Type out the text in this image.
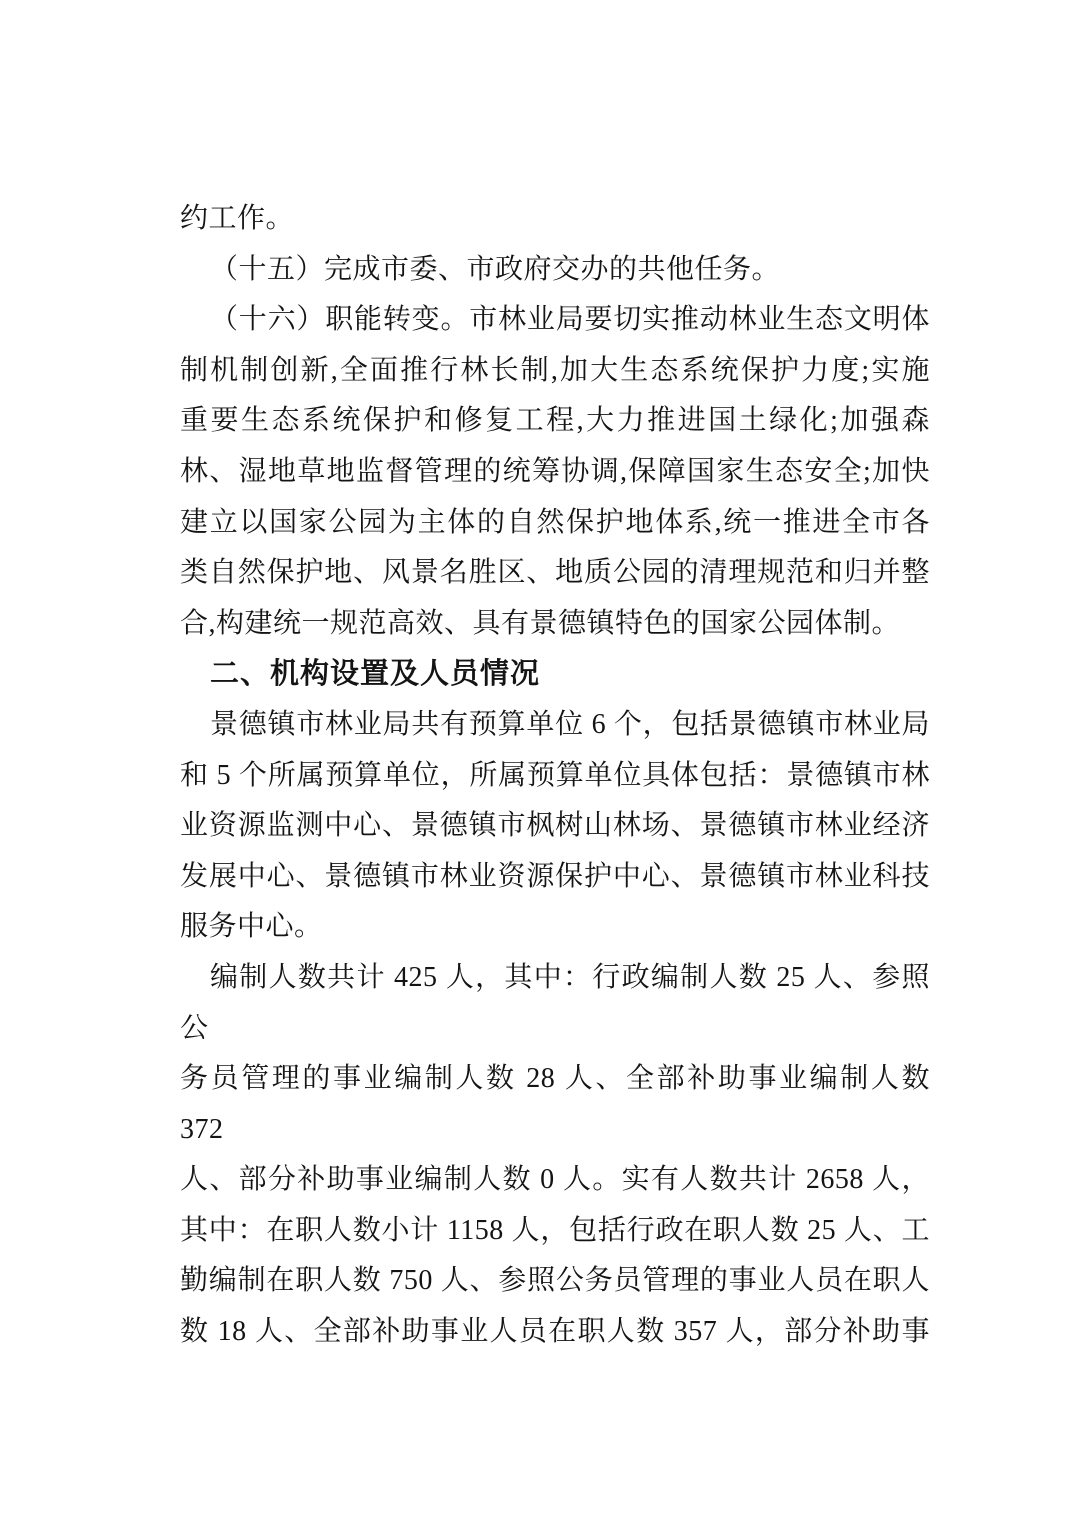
约工作。
（十五）完成市委、市政府交办的共他任务。
（十六）职能转变。市林业局要切实推动林业生态文明体
制机制创新,全面推行林长制,加大生态系统保护力度;实施
重要生态系统保护和修复工程,大力推进国土绿化;加强森
林、湿地草地监督管理的统筹协调,保障国家生态安全;加快
建立以国家公园为主体的自然保护地体系,统一推进全市各
类自然保护地、风景名胜区、地质公园的清理规范和归并整
合,构建统一规范高效、具有景德镇特色的国家公园体制。
二、机构设置及人员情况
景德镇市林业局共有预算单位 6 个，包括景德镇市林业局
和 5 个所属预算单位，所属预算单位具体包括：景德镇市林
业资源监测中心、景德镇市枫树山林场、景德镇市林业经济
发展中心、景德镇市林业资源保护中心、景德镇市林业科技
服务中心。
编制人数共计 425 人，其中：行政编制人数 25 人、参照公
务员管理的事业编制人数 28 人、全部补助事业编制人数 372
人、部分补助事业编制人数 0 人。实有人数共计 2658 人，
其中：在职人数小计 1158 人，包括行政在职人数 25 人、工
勤编制在职人数 750 人、参照公务员管理的事业人员在职人
数 18 人、全部补助事业人员在职人数 357 人，部分补助事
